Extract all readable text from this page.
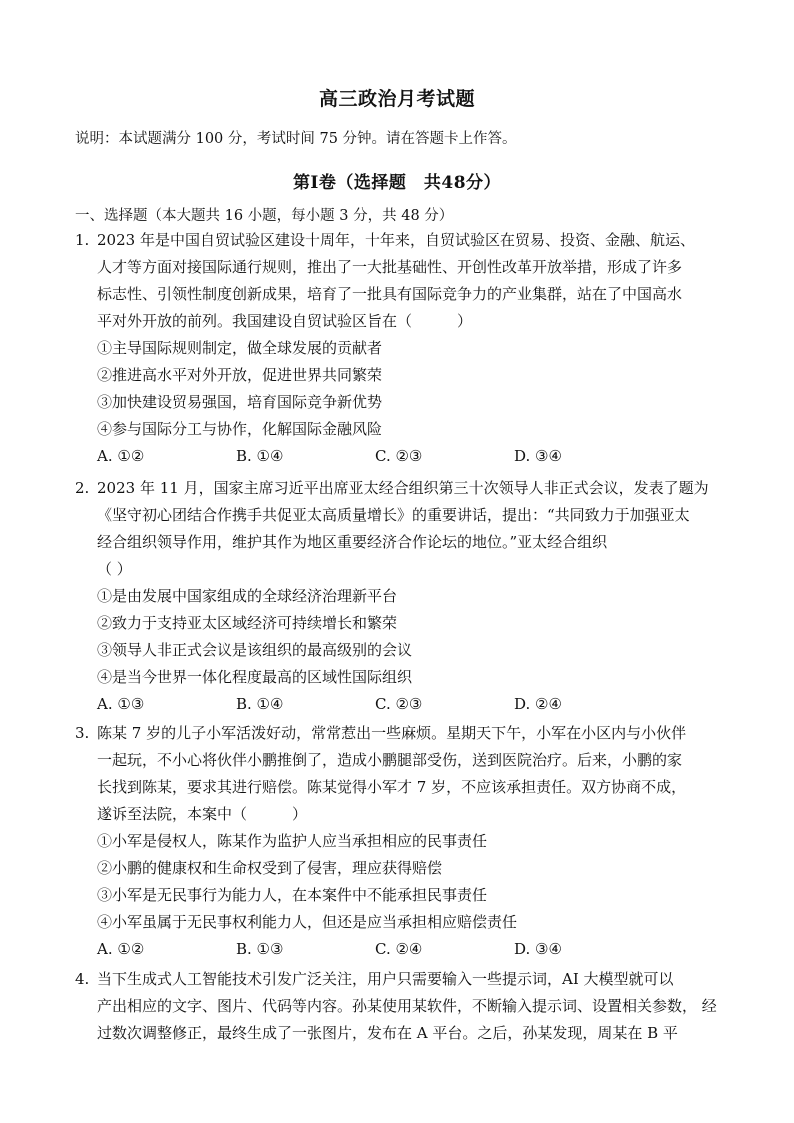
高三政治月考试题
说明：本试题满分 100 分，考试时间 75 分钟。请在答题卡上作答。
第Ⅰ卷（选择题　共48分）
一、选择题（本大题共 16 小题，每小题 3 分，共 48 分）
1. 2023 年是中国自贸试验区建设十周年，十年来，自贸试验区在贸易、投资、金融、航运、
人才等方面对接国际通行规则，推出了一大批基础性、开创性改革开放举措，形成了许多
标志性、引领性制度创新成果，培育了一批具有国际竞争力的产业集群，站在了中国高水
平对外开放的前列。我国建设自贸试验区旨在（　　　）
①主导国际规则制定，做全球发展的贡献者
②推进高水平对外开放，促进世界共同繁荣
③加快建设贸易强国，培育国际竞争新优势
④参与国际分工与协作，化解国际金融风险
A. ①②	B. ①④	C. ②③	D. ③④
2. 2023 年 11 月，国家主席习近平出席亚太经合组织第三十次领导人非正式会议，发表了题为
《坚守初心团结合作携手共促亚太高质量增长》的重要讲话，提出：“共同致力于加强亚太
经合组织领导作用，维护其作为地区重要经济合作论坛的地位。”亚太经合组织
（ ）
①是由发展中国家组成的全球经济治理新平台
②致力于支持亚太区域经济可持续增长和繁荣
③领导人非正式会议是该组织的最高级别的会议
④是当今世界一体化程度最高的区域性国际组织
A. ①③	B. ①④	C. ②③	D. ②④
3. 陈某 7 岁的儿子小军活泼好动，常常惹出一些麻烦。星期天下午，小军在小区内与小伙伴
一起玩，不小心将伙伴小鹏推倒了，造成小鹏腿部受伤，送到医院治疗。后来，小鹏的家
长找到陈某，要求其进行赔偿。陈某觉得小军才 7 岁，不应该承担责任。双方协商不成，
遂诉至法院，本案中（　　　）
①小军是侵权人，陈某作为监护人应当承担相应的民事责任
②小鹏的健康权和生命权受到了侵害，理应获得赔偿
③小军是无民事行为能力人，在本案件中不能承担民事责任
④小军虽属于无民事权利能力人，但还是应当承担相应赔偿责任
A. ①②	B. ①③	C. ②④	D. ③④
4. 当下生成式人工智能技术引发广泛关注，用户只需要输入一些提示词，AI 大模型就可以
产出相应的文字、图片、代码等内容。孙某使用某软件，不断输入提示词、设置相关参数， 经
过数次调整修正，最终生成了一张图片，发布在 A 平台。之后，孙某发现，周某在 B 平
